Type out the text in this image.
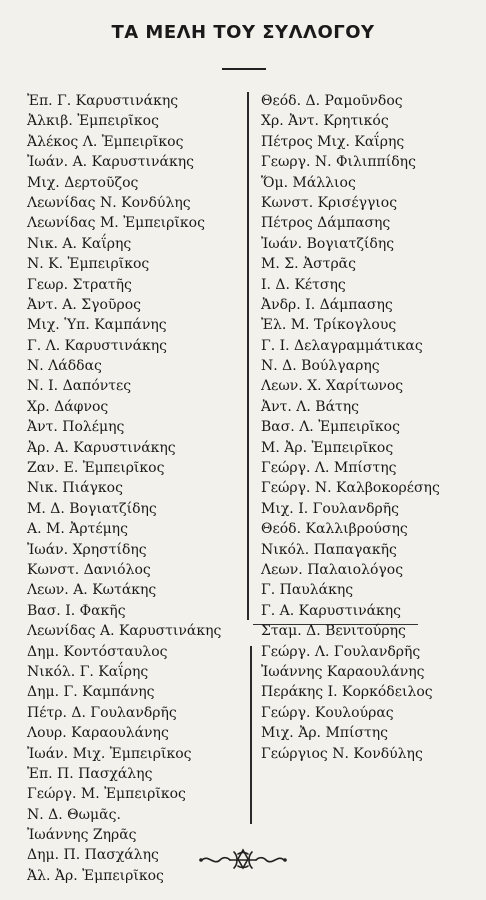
ΤΑ ΜΕΛΗ ΤΟΥ ΣΥΛΛΟΓΟΥ
Ἐπ. Γ. Καρυστινάκης
Ἀλκιβ. Ἐμπειρῖκος
Ἀλέκος Λ. Ἐμπειρῖκος
Ἰωάν. Α. Καρυστινάκης
Μιχ. Δερτοῦζος
Λεωνίδας Ν. Κονδύλης
Λεωνίδας Μ. Ἐμπειρῖκος
Νικ. Α. Καΐρης
Ν. Κ. Ἐμπειρῖκος
Γεωρ. Στρατῆς
Ἀντ. Α. Σγοῦρος
Μιχ. Ὑπ. Καμπάνης
Γ. Λ. Καρυστινάκης
Ν. Λάδδας
Ν. Ι. Δαπόντες
Χρ. Δάφνος
Ἀντ. Πολέμης
Ἀρ. Α. Καρυστινάκης
Ζαν. Ε. Ἐμπειρῖκος
Νικ. Πιάγκος
Μ. Δ. Βογιατζίδης
Α. Μ. Ἀρτέμης
Ἰωάν. Χρηστίδης
Κωνστ. Δανιόλος
Λεων. Α. Κωτάκης
Βασ. Ι. Φακῆς
Λεωνίδας Α. Καρυστινάκης
Δημ. Κοντόσταυλος
Νικόλ. Γ. Καΐρης
Δημ. Γ. Καμπάνης
Πέτρ. Δ. Γουλανδρῆς
Λουρ. Καραουλάνης
Ἰωάν. Μιχ. Ἐμπειρῖκος
Ἐπ. Π. Πασχάλης
Γεώργ. Μ. Ἐμπειρῖκος
Ν. Δ. Θωμᾶς.
Ἰωάννης Ζηρᾶς
Δημ. Π. Πασχάλης
Ἀλ. Ἀρ. Ἐμπειρῖκος
Θεόδ. Δ. Ραμοῦνδος
Χρ. Ἀντ. Κρητικός
Πέτρος Μιχ. Καΐρης
Γεωργ. Ν. Φιλιππίδης
Ὅμ. Μάλλιος
Κωνστ. Κρισέγγιος
Πέτρος Δάμπασης
Ἰωάν. Βογιατζίδης
Μ. Σ. Ἀστρᾶς
Ι. Δ. Κέτσης
Ἀνδρ. Ι. Δάμπασης
Ἐλ. Μ. Τρίκογλους
Γ. Ι. Δελαγραμμάτικας
Ν. Δ. Βούλγαρης
Λεων. Χ. Χαρίτωνος
Ἀντ. Λ. Βάτης
Βασ. Λ. Ἐμπειρῖκος
Μ. Ἀρ. Ἐμπειρῖκος
Γεώργ. Λ. Μπίστης
Γεώργ. Ν. Καλβοκορέσης
Μιχ. Ι. Γουλανδρῆς
Θεόδ. Καλλιβρούσης
Νικόλ. Παπαγακῆς
Λεων. Παλαιολόγος
Γ. Παυλάκης
Γ. Α. Καρυστινάκης
Σταμ. Δ. Βενιτούρης
Γεώργ. Λ. Γουλανδρῆς
Ἰωάννης Καραουλάνης
Περάκης Ι. Κορκόδειλος
Γεώργ. Κουλούρας
Μιχ. Ἀρ. Μπίστης
Γεώργιος Ν. Κονδύλης
